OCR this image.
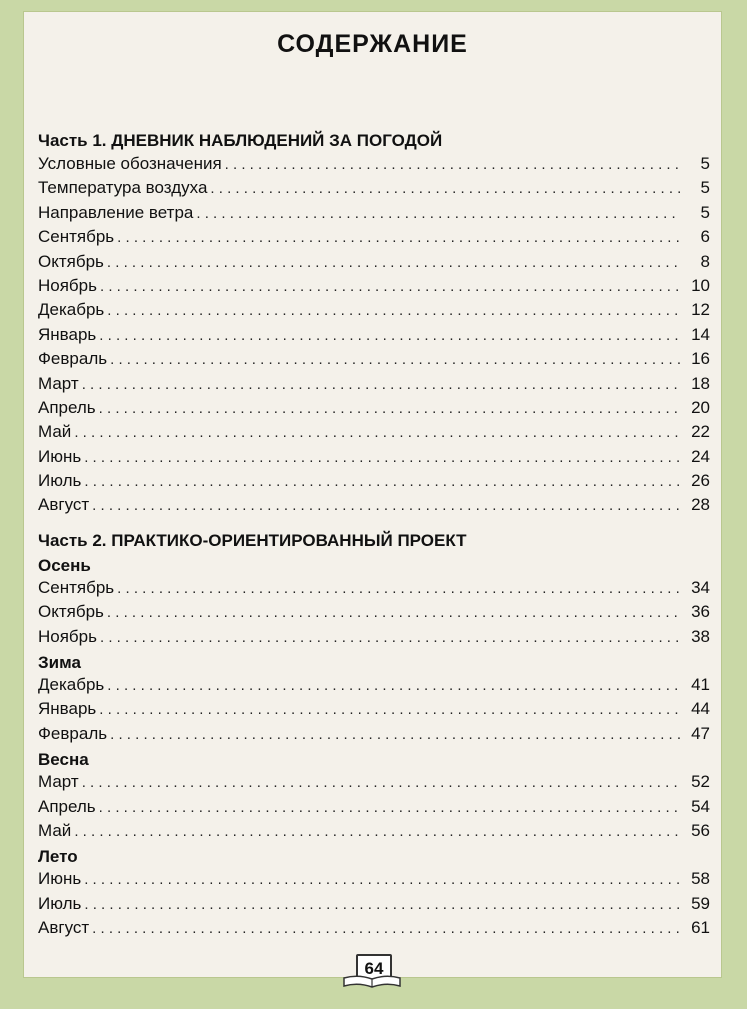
СОДЕРЖАНИЕ
Часть 1. ДНЕВНИК НАБЛЮДЕНИЙ ЗА ПОГОДОЙ
Условные обозначения . . .	5
Температура воздуха . . .	5
Направление ветра . . .	5
Сентябрь . . .	6
Октябрь . . .	8
Ноябрь . . .	10
Декабрь . . .	12
Январь . . .	14
Февраль . . .	16
Март . . .	18
Апрель . . .	20
Май . . .	22
Июнь . . .	24
Июль . . .	26
Август . . .	28
Часть 2. ПРАКТИКО-ОРИЕНТИРОВАННЫЙ ПРОЕКТ
Осень
Сентябрь . . .	34
Октябрь . . .	36
Ноябрь . . .	38
Зима
Декабрь . . .	41
Январь . . .	44
Февраль . . .	47
Весна
Март . . .	52
Апрель . . .	54
Май . . .	56
Лето
Июнь . . .	58
Июль . . .	59
Август . . .	61
64
